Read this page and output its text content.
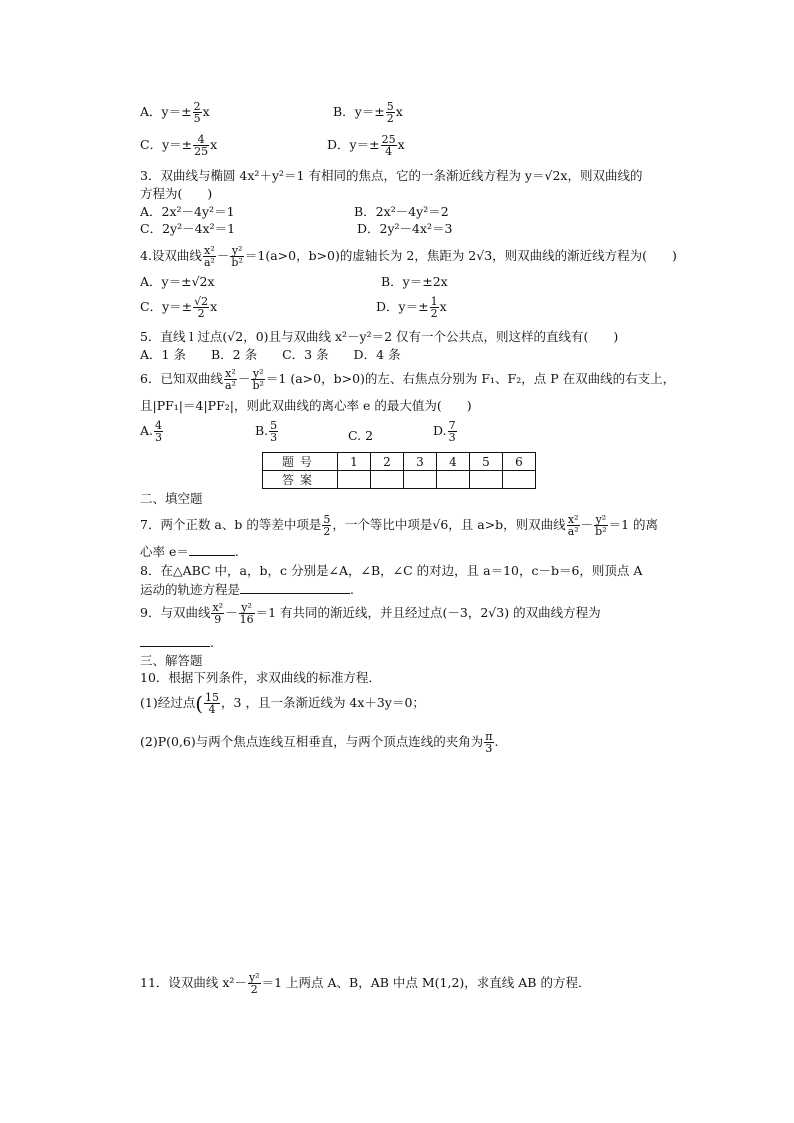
A．$y=\pm \frac{2}{5}$ x	B．$y=\pm \frac{5}{2}$ x
C．$y=\pm \frac{4}{25}$ x	D．$y=\pm \frac{25}{4}$ x
3．双曲线与椭圆 4x²＋y²＝1 有相同的焦点，它的一条渐近线方程为 y＝√2x，则双曲线的
方程为(　　)
A．2x²－4y²＝1	B．2x²－4y²＝2
C．2y²－4x²＝1	D．2y²－4x²＝3
4.设双曲线 $\frac{\text{x²}}{\text{a²}} - \frac{\text{y²}}{\text{b²}} =1(a>0$，b>0)的虚轴长为 2，焦距为 2√3，则双曲线的渐近线方程为(　　)
A．y＝±√2x	B．y＝±2x
C．$y=\pm \frac{√2}{2}$ x	D．$y=\pm \frac{1}{2}$ x
5．直线 l 过点(√2，0)且与双曲线 x²－y²＝2 仅有一个公共点，则这样的直线有(　　)
A．1 条　　B．2 条　　C．3 条　　D．4 条
6．已知双曲线 $\frac{\text{x²}}{\text{a²}} - \frac{\text{y²}}{\text{b²}} =1$ (a>0，b>0)的左、右焦点分别为 F₁、F₂，点 P 在双曲线的右支上，
且|PF₁|＝4|PF₂|，则此双曲线的离心率 e 的最大值为(　　)
A. $\frac{4}{3}$	B. $\frac{5}{3}$	C. 2	D. $\frac{7}{3}$
题号	1	2	3	4	5	6
答案						
二、填空题
7．两个正数 a、b 的等差中项是 $\frac{5}{2}$ ，一个等比中项是√6，且 a>b，则双曲线 $\frac{\text{x²}}{\text{a²}} - \frac{\text{y²}}{\text{b²}} =1$ 的离
心率 e＝	.
8．在△ABC 中，a，b，c 分别是∠A，∠B，∠C 的对边，且 a＝10，c－b＝6，则顶点 A
运动的轨迹方程是	.
9．与双曲线 $\frac{\text{x²}}{9} - \frac{\text{y²}}{16} =1$ 有共同的渐近线，并且经过点(－3，2√3) 的双曲线方程为
.
三、解答题
10．根据下列条件，求双曲线的标准方程．
(1)经过点( $\frac{15}{4}$ ，3 ，且一条渐近线为 4x＋3y＝0；
(2)P(0,6)与两个焦点连线互相垂直，与两个顶点连线的夹角为 $\frac{\pi}{3}$ .
11．设双曲线 $x^2- \frac{\text{y²}}{2} =1$ 上两点 A、B，AB 中点 M(1,2)，求直线 AB 的方程．
